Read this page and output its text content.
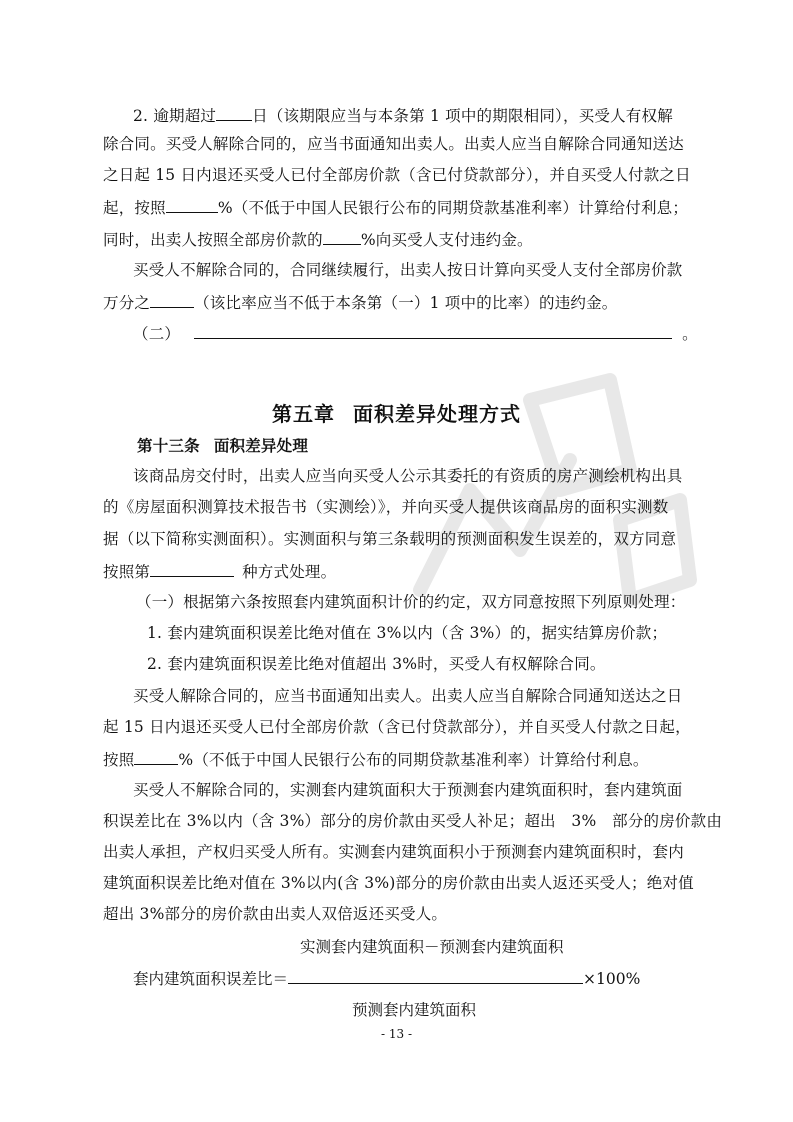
2. 逾期超过 日（该期限应当与本条第 1 项中的期限相同），买受人有权解
除合同。买受人解除合同的，应当书面通知出卖人。出卖人应当自解除合同通知送达
之日起 15 日内退还买受人已付全部房价款（含已付贷款部分），并自买受人付款之日
起，按照	%（不低于中国人民银行公布的同期贷款基准利率）计算给付利息；
同时，出卖人按照全部房价款的 %向买受人支付违约金。
买受人不解除合同的，合同继续履行，出卖人按日计算向买受人支付全部房价款
万分之	（该比率应当不低于本条第（一）1 项中的比率）的违约金。
（二）	。
第五章 面积差异处理方式
第十三条 面积差异处理
该商品房交付时，出卖人应当向买受人公示其委托的有资质的房产测绘机构出具
的《房屋面积测算技术报告书（实测绘）》，并向买受人提供该商品房的面积实测数
据（以下简称实测面积）。实测面积与第三条载明的预测面积发生误差的，双方同意
按照第	种方式处理。
（一）根据第六条按照套内建筑面积计价的约定，双方同意按照下列原则处理：
1. 套内建筑面积误差比绝对值在 3%以内（含 3%）的，据实结算房价款；
2. 套内建筑面积误差比绝对值超出 3%时，买受人有权解除合同。
买受人解除合同的，应当书面通知出卖人。出卖人应当自解除合同通知送达之日
起 15 日内退还买受人已付全部房价款（含已付贷款部分），并自买受人付款之日起，
按照	%（不低于中国人民银行公布的同期贷款基准利率）计算给付利息。
买受人不解除合同的，实测套内建筑面积大于预测套内建筑面积时，套内建筑面
积误差比在 3%以内（含 3%）部分的房价款由买受人补足；超出　3%　部分的房价款由
出卖人承担，产权归买受人所有。实测套内建筑面积小于预测套内建筑面积时，套内
建筑面积误差比绝对值在 3%以内(含 3%)部分的房价款由出卖人返还买受人；绝对值
超出 3%部分的房价款由出卖人双倍返还买受人。
实测套内建筑面积－预测套内建筑面积
套内建筑面积误差比＝	×100%
预测套内建筑面积
- 13 -
